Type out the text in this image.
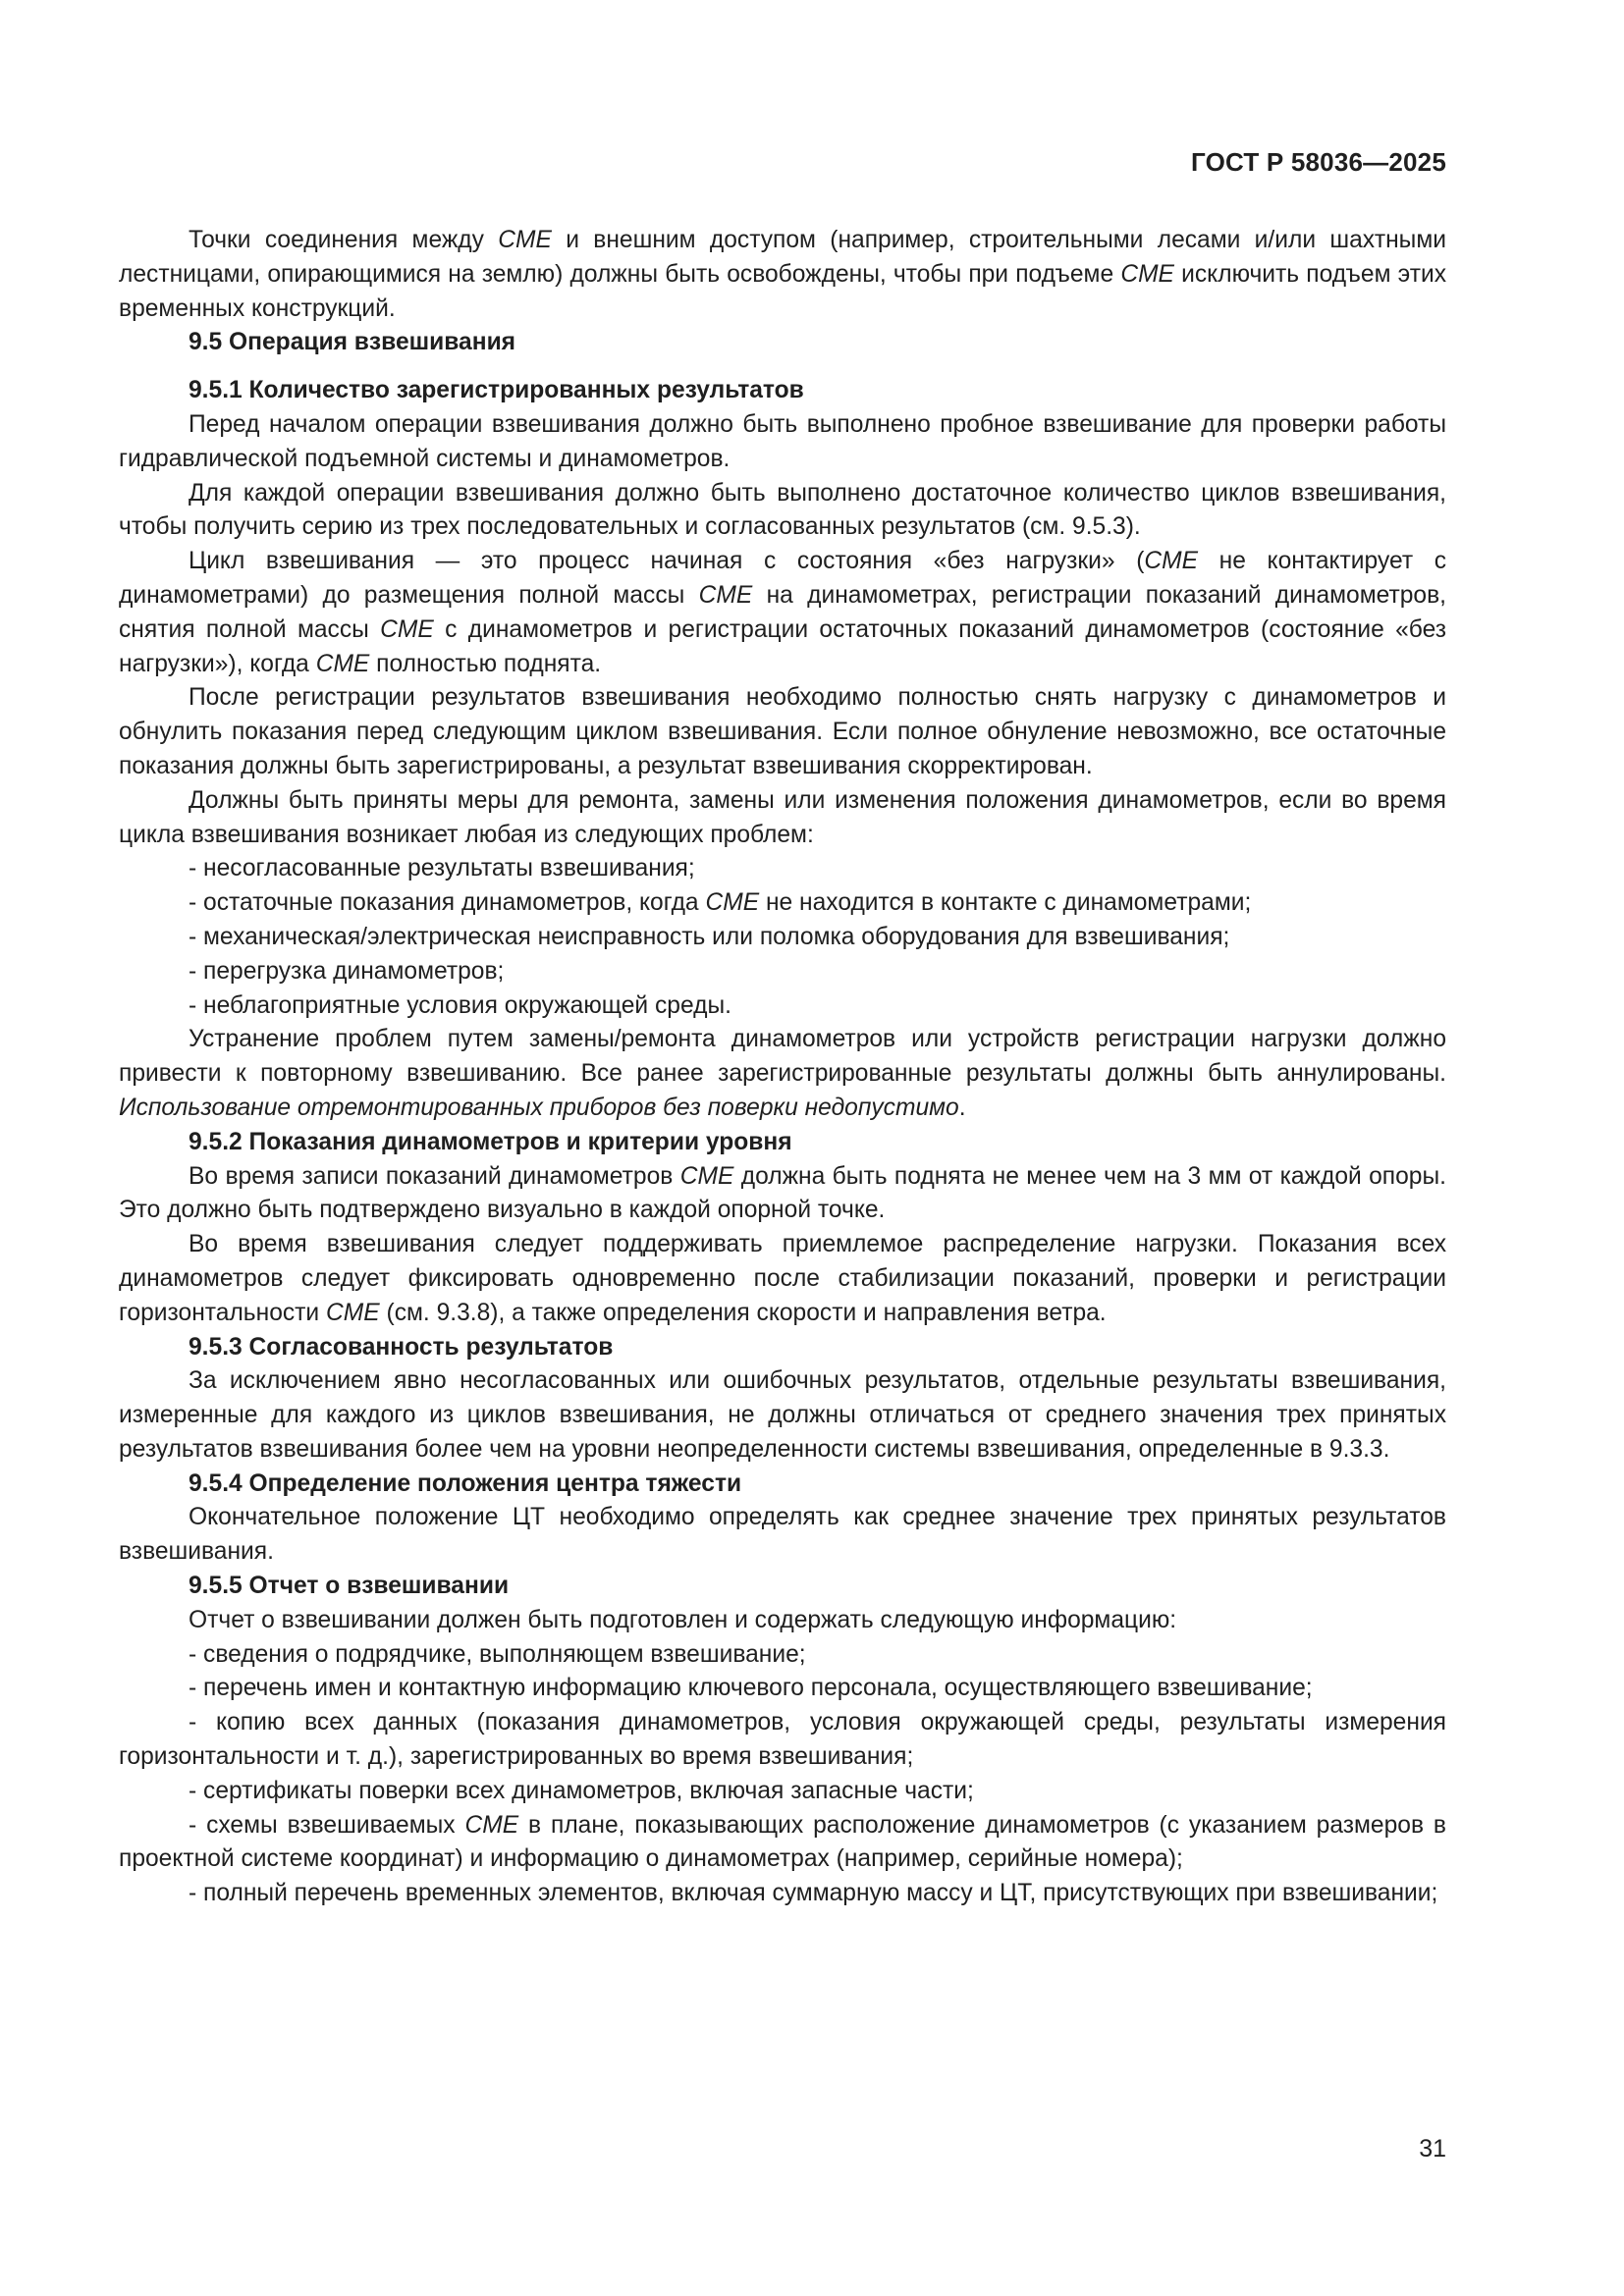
ГОСТ Р 58036—2025

Точки соединения между CME и внешним доступом (например, строительными лесами и/или шахтными лестницами, опирающимися на землю) должны быть освобождены, чтобы при подъеме CME исключить подъем этих временных конструкций.

9.5 Операция взвешивания

9.5.1 Количество зарегистрированных результатов

Перед началом операции взвешивания должно быть выполнено пробное взвешивание для проверки работы гидравлической подъемной системы и динамометров.

Для каждой операции взвешивания должно быть выполнено достаточное количество циклов взвешивания, чтобы получить серию из трех последовательных и согласованных результатов (см. 9.5.3).

Цикл взвешивания — это процесс начиная с состояния «без нагрузки» (CME не контактирует с динамометрами) до размещения полной массы CME на динамометрах, регистрации показаний динамометров, снятия полной массы CME с динамометров и регистрации остаточных показаний динамометров (состояние «без нагрузки»), когда CME полностью поднята.

После регистрации результатов взвешивания необходимо полностью снять нагрузку с динамометров и обнулить показания перед следующим циклом взвешивания. Если полное обнуление невозможно, все остаточные показания должны быть зарегистрированы, а результат взвешивания скорректирован.

Должны быть приняты меры для ремонта, замены или изменения положения динамометров, если во время цикла взвешивания возникает любая из следующих проблем:

- несогласованные результаты взвешивания;

- остаточные показания динамометров, когда CME не находится в контакте с динамометрами;

- механическая/электрическая неисправность или поломка оборудования для взвешивания;

- перегрузка динамометров;

- неблагоприятные условия окружающей среды.

Устранение проблем путем замены/ремонта динамометров или устройств регистрации нагрузки должно привести к повторному взвешиванию. Все ранее зарегистрированные результаты должны быть аннулированы. Использование отремонтированных приборов без поверки недопустимо.

9.5.2 Показания динамометров и критерии уровня

Во время записи показаний динамометров CME должна быть поднята не менее чем на 3 мм от каждой опоры. Это должно быть подтверждено визуально в каждой опорной точке.

Во время взвешивания следует поддерживать приемлемое распределение нагрузки. Показания всех динамометров следует фиксировать одновременно после стабилизации показаний, проверки и регистрации горизонтальности CME (см. 9.3.8), а также определения скорости и направления ветра.

9.5.3 Согласованность результатов

За исключением явно несогласованных или ошибочных результатов, отдельные результаты взвешивания, измеренные для каждого из циклов взвешивания, не должны отличаться от среднего значения трех принятых результатов взвешивания более чем на уровни неопределенности системы взвешивания, определенные в 9.3.3.

9.5.4 Определение положения центра тяжести

Окончательное положение ЦТ необходимо определять как среднее значение трех принятых результатов взвешивания.

9.5.5 Отчет о взвешивании

Отчет о взвешивании должен быть подготовлен и содержать следующую информацию:

- сведения о подрядчике, выполняющем взвешивание;

- перечень имен и контактную информацию ключевого персонала, осуществляющего взвешивание;

- копию всех данных (показания динамометров, условия окружающей среды, результаты измерения горизонтальности и т. д.), зарегистрированных во время взвешивания;

- сертификаты поверки всех динамометров, включая запасные части;

- схемы взвешиваемых CME в плане, показывающих расположение динамометров (с указанием размеров в проектной системе координат) и информацию о динамометрах (например, серийные номера);

- полный перечень временных элементов, включая суммарную массу и ЦТ, присутствующих при взвешивании;

31
